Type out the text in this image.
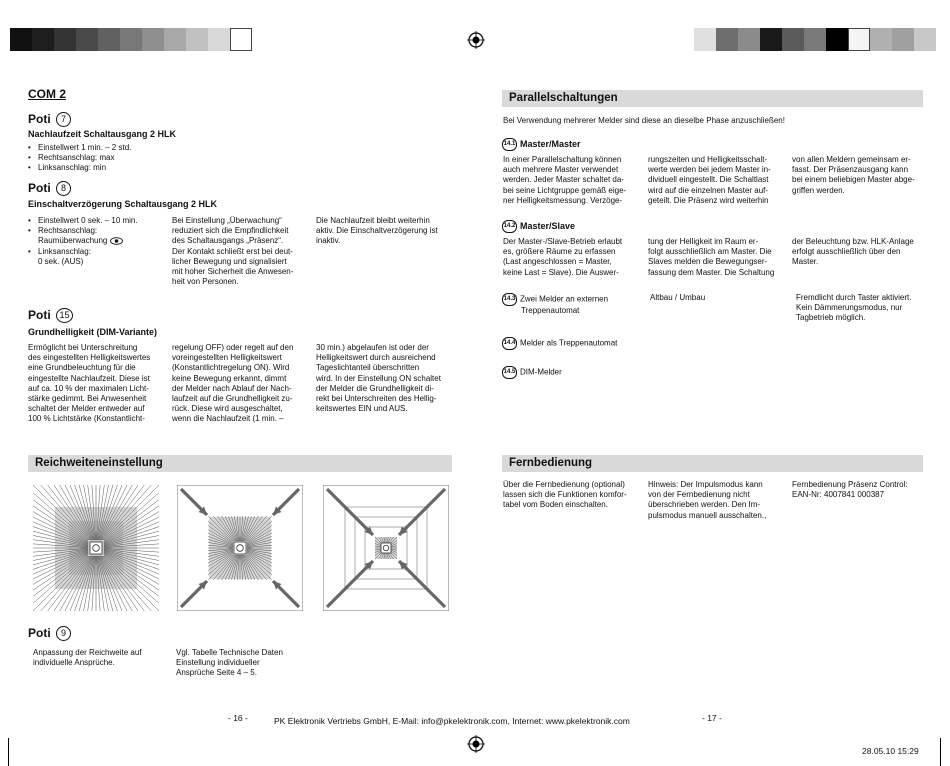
COM 2
Poti 7
Nachlaufzeit Schaltausgang 2 HLK
• Einstellwert 1 min. – 2 std.
• Rechtsanschlag: max
• Linksanschlag: min
Poti 8
Einschaltverzögerung Schaltausgang 2 HLK
• Einstellwert 0 sek. – 10 min.
• Rechtsanschlag:
Raumüberwachung
• Linksanschlag:
0 sek. (AUS)

Bei Einstellung „Überwachung“

reduziert sich die Empfindlichkeit

des Schaltausgangs „Präsenz“.

Der Kontakt schließt erst bei deut-

licher Bewegung und signalisiert

mit hoher Sicherheit die Anwesen-

heit von Personen.

Die Nachlaufzeit bleibt weiterhin

aktiv. Die Einschaltverzögerung ist

inaktiv.

Poti 15
Grundhelligkeit (DIM-Variante)

Ermöglicht bei Unterschreitung

des eingestellten Helligkeitswertes

eine Grundbeleuchtung für die

eingestellte Nachlaufzeit. Diese ist

auf ca. 10 % der maximalen Licht-

stärke gedimmt. Bei Anwesenheit

schaltet der Melder entweder auf

100 % Lichtstärke (Konstantlicht-

regelung OFF) oder regelt auf den

voreingestellten Helligkeitswert

(Konstantlichtregelung ON). Wird

keine Bewegung erkannt, dimmt

der Melder nach Ablauf der Nach-

laufzeit auf die Grundhelligkeit zu-

rück. Diese wird ausgeschaltet,

wenn die Nachlaufzeit (1 min. –

30 min.) abgelaufen ist oder der

Helligkeitswert durch ausreichend

Tageslichtanteil überschritten

wird. In der Einstellung ON schaltet

der Melder die Grundhelligkeit di-

rekt bei Unterschreiten des Hellig-

keitswertes EIN und AUS.

Reichweiteneinstellung
Poti 9

Anpassung der Reichweite auf

individuelle Ansprüche.

Vgl. Tabelle Technische Daten

Einstellung individueller

Ansprüche Seite 4 – 5.

- 16 -
Parallelschaltungen
Bei Verwendung mehrerer Melder sind diese an dieselbe Phase anzuschließen!
14.1 Master/Master

In einer Parallelschaltung können

auch mehrere Master verwendet

werden. Jeder Master schaltet da-

bei seine Lichtgruppe gemäß eige-

ner Helligkeitsmessung. Verzöge-

rungszeiten und Helligkeitsschalt-

werte werden bei jedem Master in-

dividuell eingestellt. Die Schaltlast

wird auf die einzelnen Master auf-

geteilt. Die Präsenz wird weiterhin

von allen Meldern gemeinsam er-

fasst. Der Präsenzausgang kann

bei einem beliebigen Master abge-

griffen werden.

14.2 Master/Slave

Der Master-/Slave-Betrieb erlaubt

es, größere Räume zu erfassen

(Last angeschlossen = Master,

keine Last = Slave). Die Auswer-

tung der Helligkeit im Raum er-

folgt ausschließlich am Master. Die

Slaves melden die Bewegungser-

fassung dem Master. Die Schaltung

der Beleuchtung bzw. HLK-Anlage

erfolgt ausschließlich über den

Master.

14.3 Zwei Melder an externen
Treppenautomat

Altbau / Umbau	Fremdlicht durch Taster aktiviert.

Kein Dämmerungsmodus, nur

Tagbetrieb möglich.

14.4 Melder als Treppenautomat
14.5 DIM-Melder
Fernbedienung

Über die Fernbedienung (optional)

lassen sich die Funktionen komfor-

tabel vom Boden einschalten.

Hinweis: Der Impulsmodus kann

von der Fernbedienung nicht

überschrieben werden. Den Im-

pulsmodus manuell ausschalten.,

Fernbedienung Präsenz Control:

EAN-Nr: 4007841 000387

- 17 -
PK Elektronik Vertriebs GmbH, E-Mail: info@pkelektronik.com, Internet: www.pkelektronik.com
28.05.10 15:29
